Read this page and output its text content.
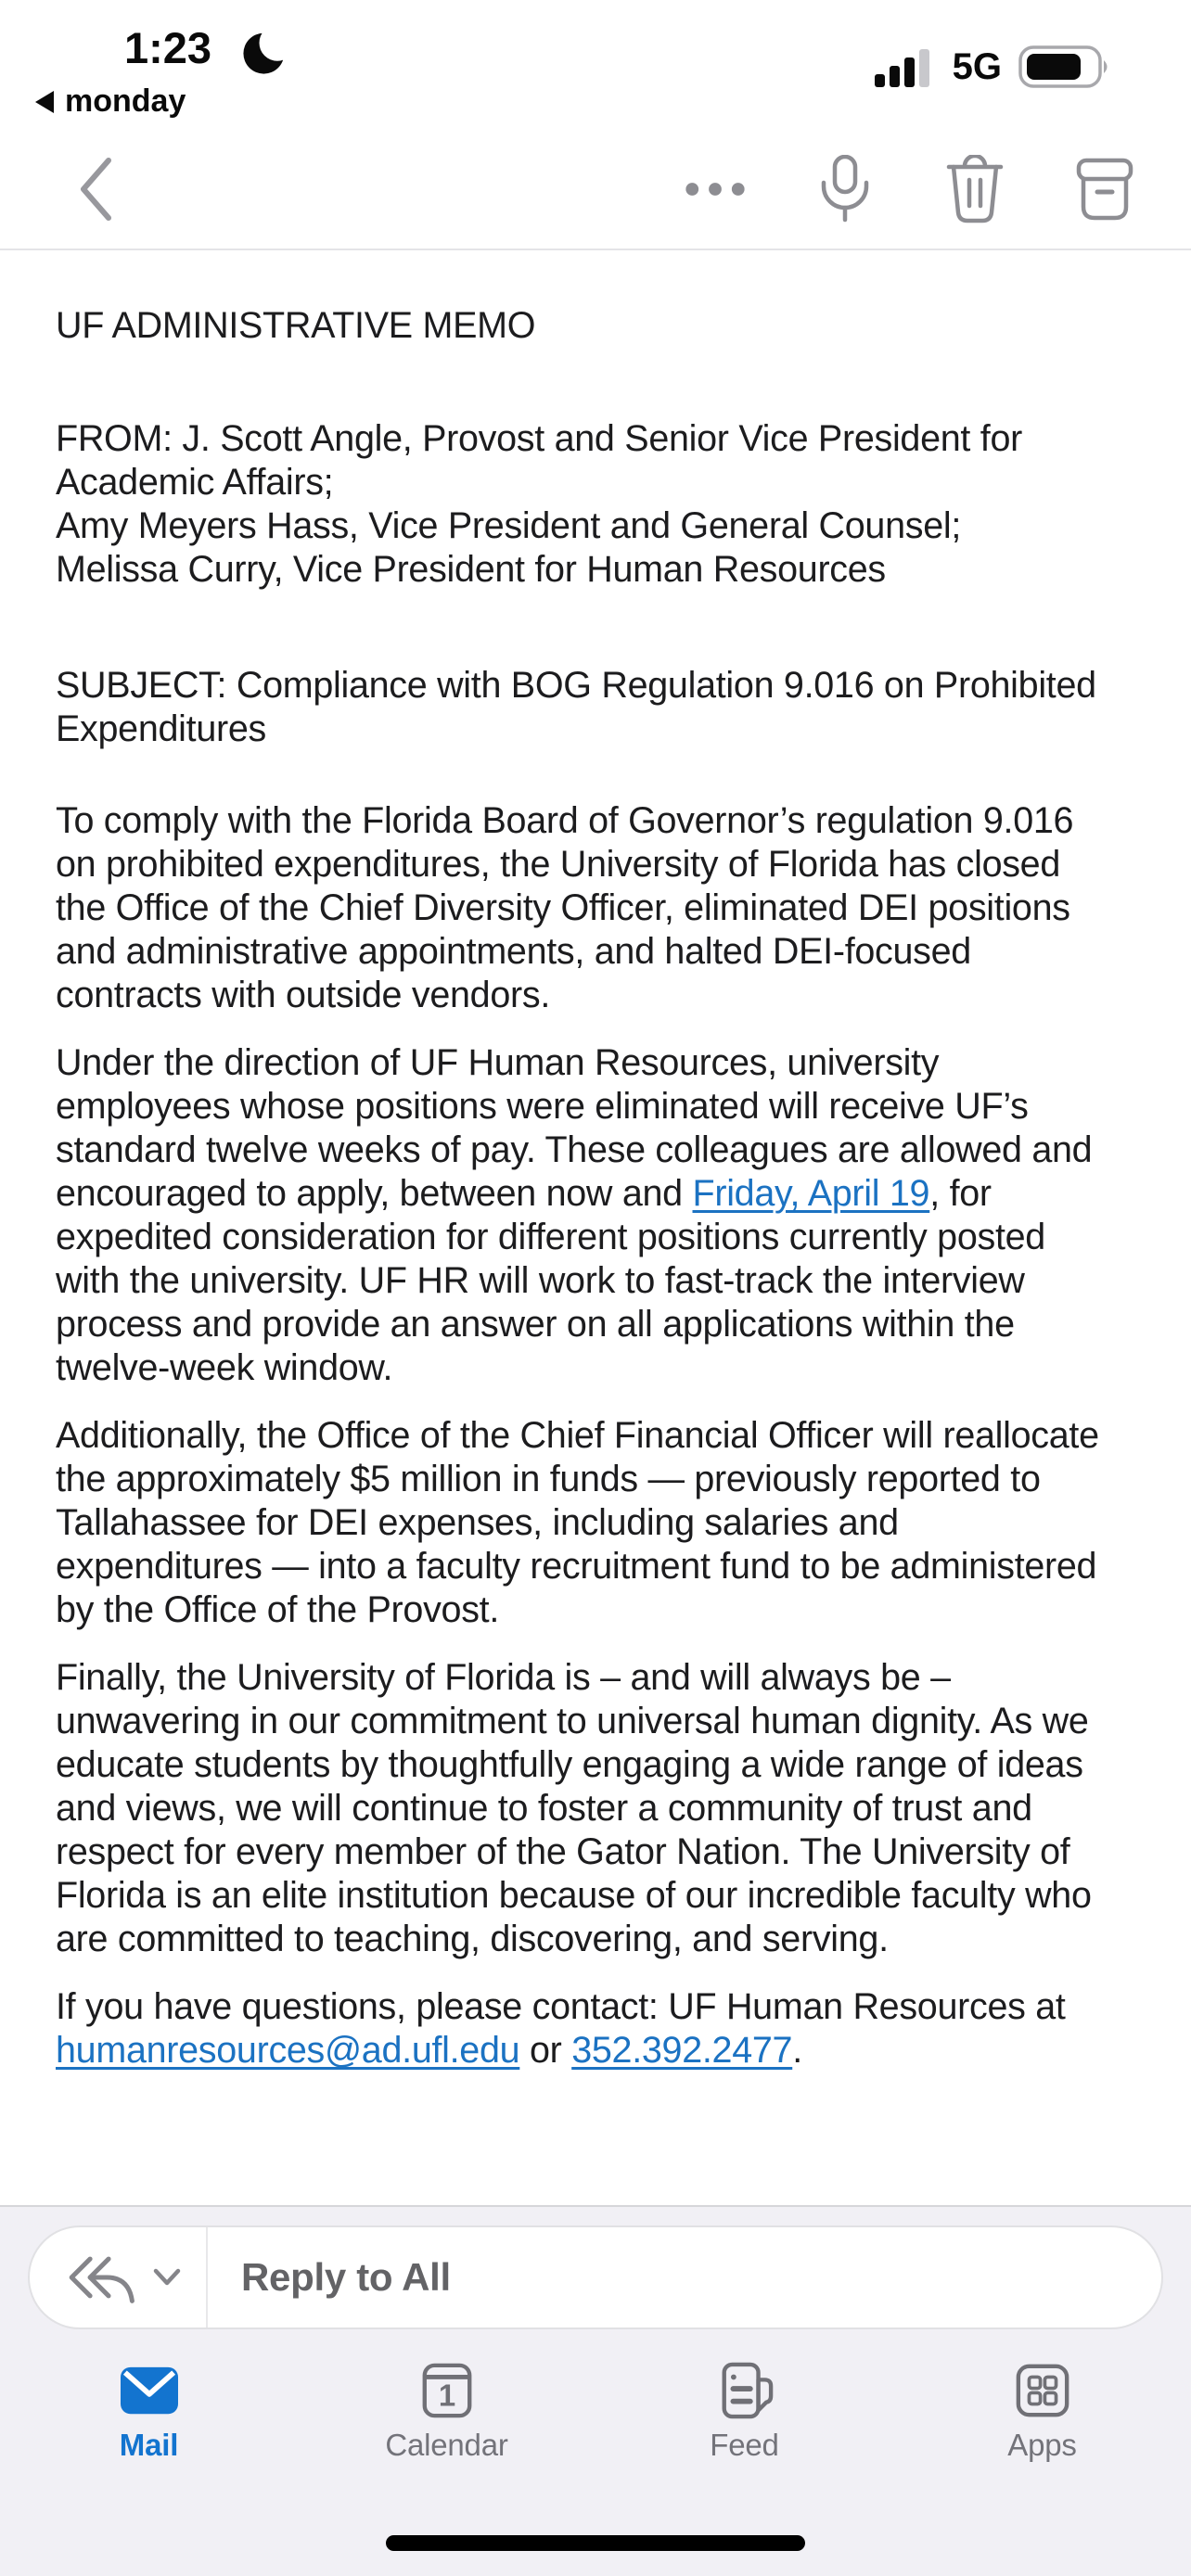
1:23
monday
5G

UF ADMINISTRATIVE MEMO

FROM: J. Scott Angle, Provost and Senior Vice President for Academic Affairs;
Amy Meyers Hass, Vice President and General Counsel;
Melissa Curry, Vice President for Human Resources

SUBJECT: Compliance with BOG Regulation 9.016 on Prohibited Expenditures

To comply with the Florida Board of Governor’s regulation 9.016 on prohibited expenditures, the University of Florida has closed the Office of the Chief Diversity Officer, eliminated DEI positions and administrative appointments, and halted DEI-focused contracts with outside vendors.

Under the direction of UF Human Resources, university employees whose positions were eliminated will receive UF’s standard twelve weeks of pay. These colleagues are allowed and encouraged to apply, between now and Friday, April 19, for expedited consideration for different positions currently posted with the university. UF HR will work to fast-track the interview process and provide an answer on all applications within the twelve-week window.

Additionally, the Office of the Chief Financial Officer will reallocate the approximately $5 million in funds — previously reported to Tallahassee for DEI expenses, including salaries and expenditures — into a faculty recruitment fund to be administered by the Office of the Provost.

Finally, the University of Florida is – and will always be – unwavering in our commitment to universal human dignity. As we educate students by thoughtfully engaging a wide range of ideas and views, we will continue to foster a community of trust and respect for every member of the Gator Nation. The University of Florida is an elite institution because of our incredible faculty who are committed to teaching, discovering, and serving.

If you have questions, please contact: UF Human Resources at humanresources@ad.ufl.edu or 352.392.2477.

Reply to All
Mail
1
Calendar	Feed	Apps
